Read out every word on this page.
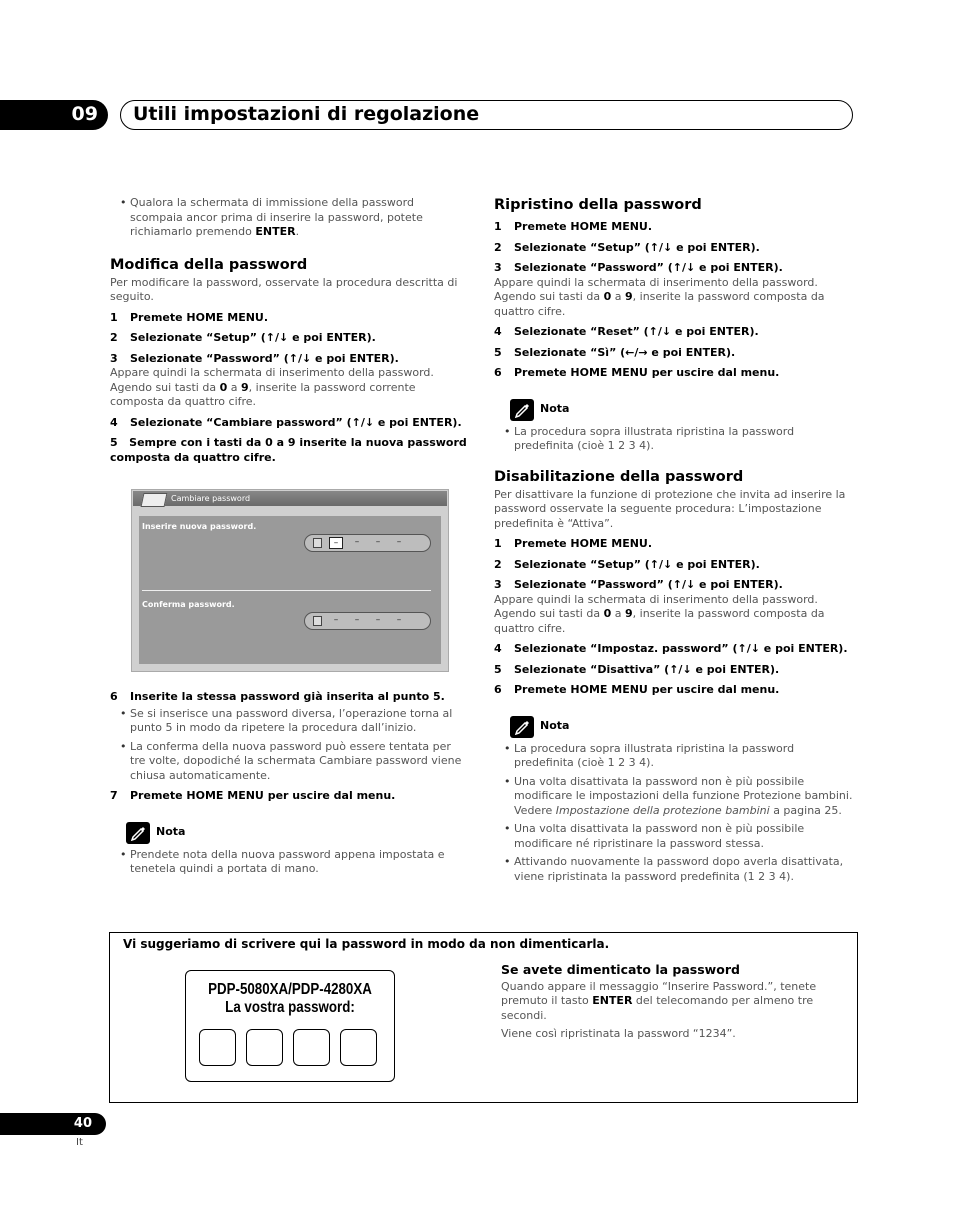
09 Utili impostazioni di regolazione
• Qualora la schermata di immissione della password scompaia ancor prima di inserire la password, potete richiamarlo premendo ENTER.
Modifica della password
Per modificare la password, osservate la procedura descritta di seguito.
1	Premete HOME MENU.
2	Selezionate “Setup” (↑/↓ e poi ENTER).
3	Selezionate “Password” (↑/↓ e poi ENTER).
Appare quindi la schermata di inserimento della password. Agendo sui tasti da 0 a 9, inserite la password corrente composta da quattro cifre.
4	Selezionate “Cambiare password” (↑/↓ e poi ENTER).
5   Sempre con i tasti da 0 a 9 inserite la nuova password composta da quattro cifre.
Cambiare password
Inserire nuova password.
–	–	–	–
Conferma password.
–	–	–	–
6	Inserite la stessa password già inserita al punto 5.
• Se si inserisce una password diversa, l’operazione torna al punto 5 in modo da ripetere la procedura dall’inizio.
• La conferma della nuova password può essere tentata per tre volte, dopodiché la schermata Cambiare password viene chiusa automaticamente.
7	Premete HOME MENU per uscire dal menu.
Nota
• Prendete nota della nuova password appena impostata e tenetela quindi a portata di mano.
Ripristino della password
1	Premete HOME MENU.
2	Selezionate “Setup” (↑/↓ e poi ENTER).
3	Selezionate “Password” (↑/↓ e poi ENTER).
Appare quindi la schermata di inserimento della password. Agendo sui tasti da 0 a 9, inserite la password composta da quattro cifre.
4	Selezionate “Reset” (↑/↓ e poi ENTER).
5	Selezionate “Sì” (←/→ e poi ENTER).
6	Premete HOME MENU per uscire dal menu.
Nota
• La procedura sopra illustrata ripristina la password predefinita (cioè 1 2 3 4).
Disabilitazione della password
Per disattivare la funzione di protezione che invita ad inserire la password osservate la seguente procedura: L’impostazione predefinita è “Attiva”.
1	Premete HOME MENU.
2	Selezionate “Setup” (↑/↓ e poi ENTER).
3	Selezionate “Password” (↑/↓ e poi ENTER).
Appare quindi la schermata di inserimento della password. Agendo sui tasti da 0 a 9, inserite la password composta da quattro cifre.
4	Selezionate “Impostaz. password” (↑/↓ e poi ENTER).
5	Selezionate “Disattiva” (↑/↓ e poi ENTER).
6	Premete HOME MENU per uscire dal menu.
Nota
• La procedura sopra illustrata ripristina la password predefinita (cioè 1 2 3 4).
• Una volta disattivata la password non è più possibile modificare le impostazioni della funzione Protezione bambini. Vedere Impostazione della protezione bambini a pagina 25.
• Una volta disattivata la password non è più possibile modificare né ripristinare la password stessa.
• Attivando nuovamente la password dopo averla disattivata, viene ripristinata la password predefinita (1 2 3 4).
Vi suggeriamo di scrivere qui la password in modo da non dimenticarla.
PDP-5080XA/PDP-4280XA
La vostra password:
Se avete dimenticato la password
Quando appare il messaggio “Inserire Password.”, tenete premuto il tasto ENTER del telecomando per almeno tre secondi.
Viene così ripristinata la password “1234”.
40
It
